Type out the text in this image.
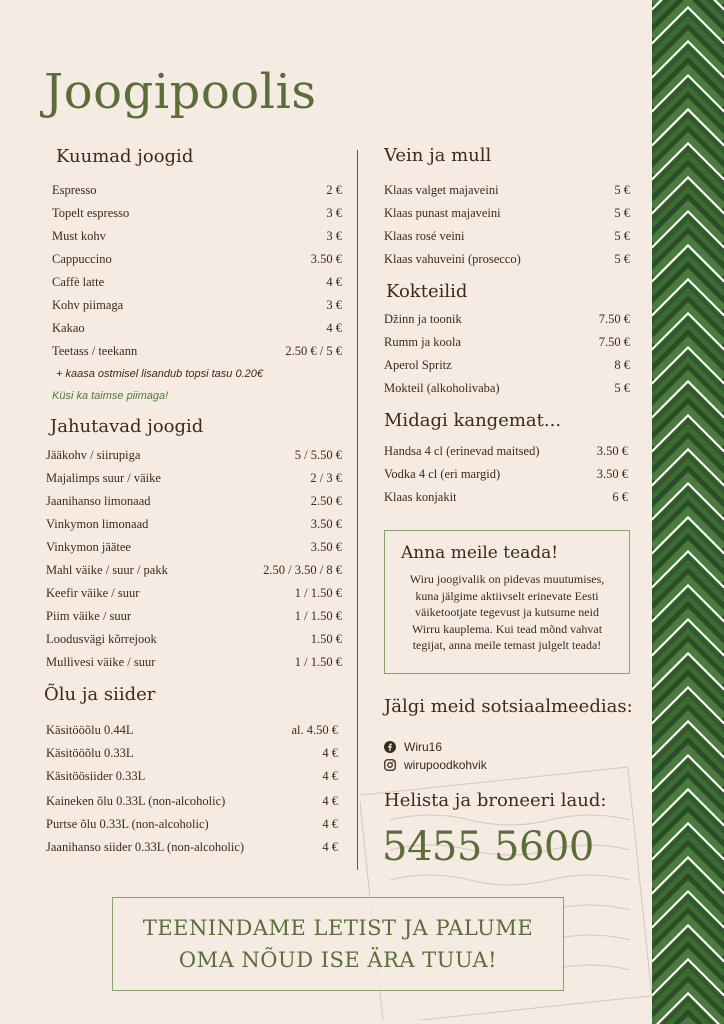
Joogipoolis
Kuumad joogid
Espresso	2 €
Topelt espresso	3 €
Must kohv	3 €
Cappuccino	3.50 €
Caffè latte	4 €
Kohv piimaga	3 €
Kakao	4 €
Teetass / teekann	2.50 € / 5 €
+ kaasa ostmisel lisandub topsi tasu 0.20€
Küsi ka taimse piimaga!
Jahutavad joogid
Jääkohv / siirupiga	5 / 5.50 €
Majalimps suur / väike	2 / 3 €
Jaanihanso limonaad	2.50 €
Vinkymon limonaad	3.50 €
Vinkymon jäätee	3.50 €
Mahl väike / suur / pakk	2.50 / 3.50 / 8 €
Keefir väike / suur	1 / 1.50 €
Piim väike / suur	1 / 1.50 €
Loodusvägi kõrrejook	1.50 €
Mullivesi väike / suur	1 / 1.50 €
Õlu ja siider
Käsitööõlu 0.44L	al. 4.50 €
Käsitööõlu 0.33L	4 €
Käsitöösiider 0.33L	4 €
Kaineken õlu 0.33L (non-alcoholic)	4 €
Purtse õlu 0.33L (non-alcoholic)	4 €
Jaanihanso siider 0.33L (non-alcoholic)	4 €
Vein ja mull
Klaas valget majaveini	5 €
Klaas punast majaveini	5 €
Klaas rosé veini	5 €
Klaas vahuveini (prosecco)	5 €
Kokteilid
Džinn ja toonik	7.50 €
Rumm ja koola	7.50 €
Aperol Spritz	8 €
Mokteil (alkoholivaba)	5 €
Midagi kangemat...
Handsa 4 cl (erinevad maitsed)	3.50 €
Vodka 4 cl (eri margid)	3.50 €
Klaas konjakit	6 €
Anna meile teada!

Wiru joogivalik on pidevas muutumises, kuna jälgime aktiivselt erinevate Eesti väiketootjate tegevust ja kutsume neid Wirru kauplema. Kui tead mõnd vahvat tegijat, anna meile temast julgelt teada!

Jälgi meid sotsiaalmeedias:
Wiru16
wirupoodkohvik
Helista ja broneeri laud:
5455 5600
TEENINDAME LETIST JA PALUME
OMA NÕUD ISE ÄRA TUUA!
